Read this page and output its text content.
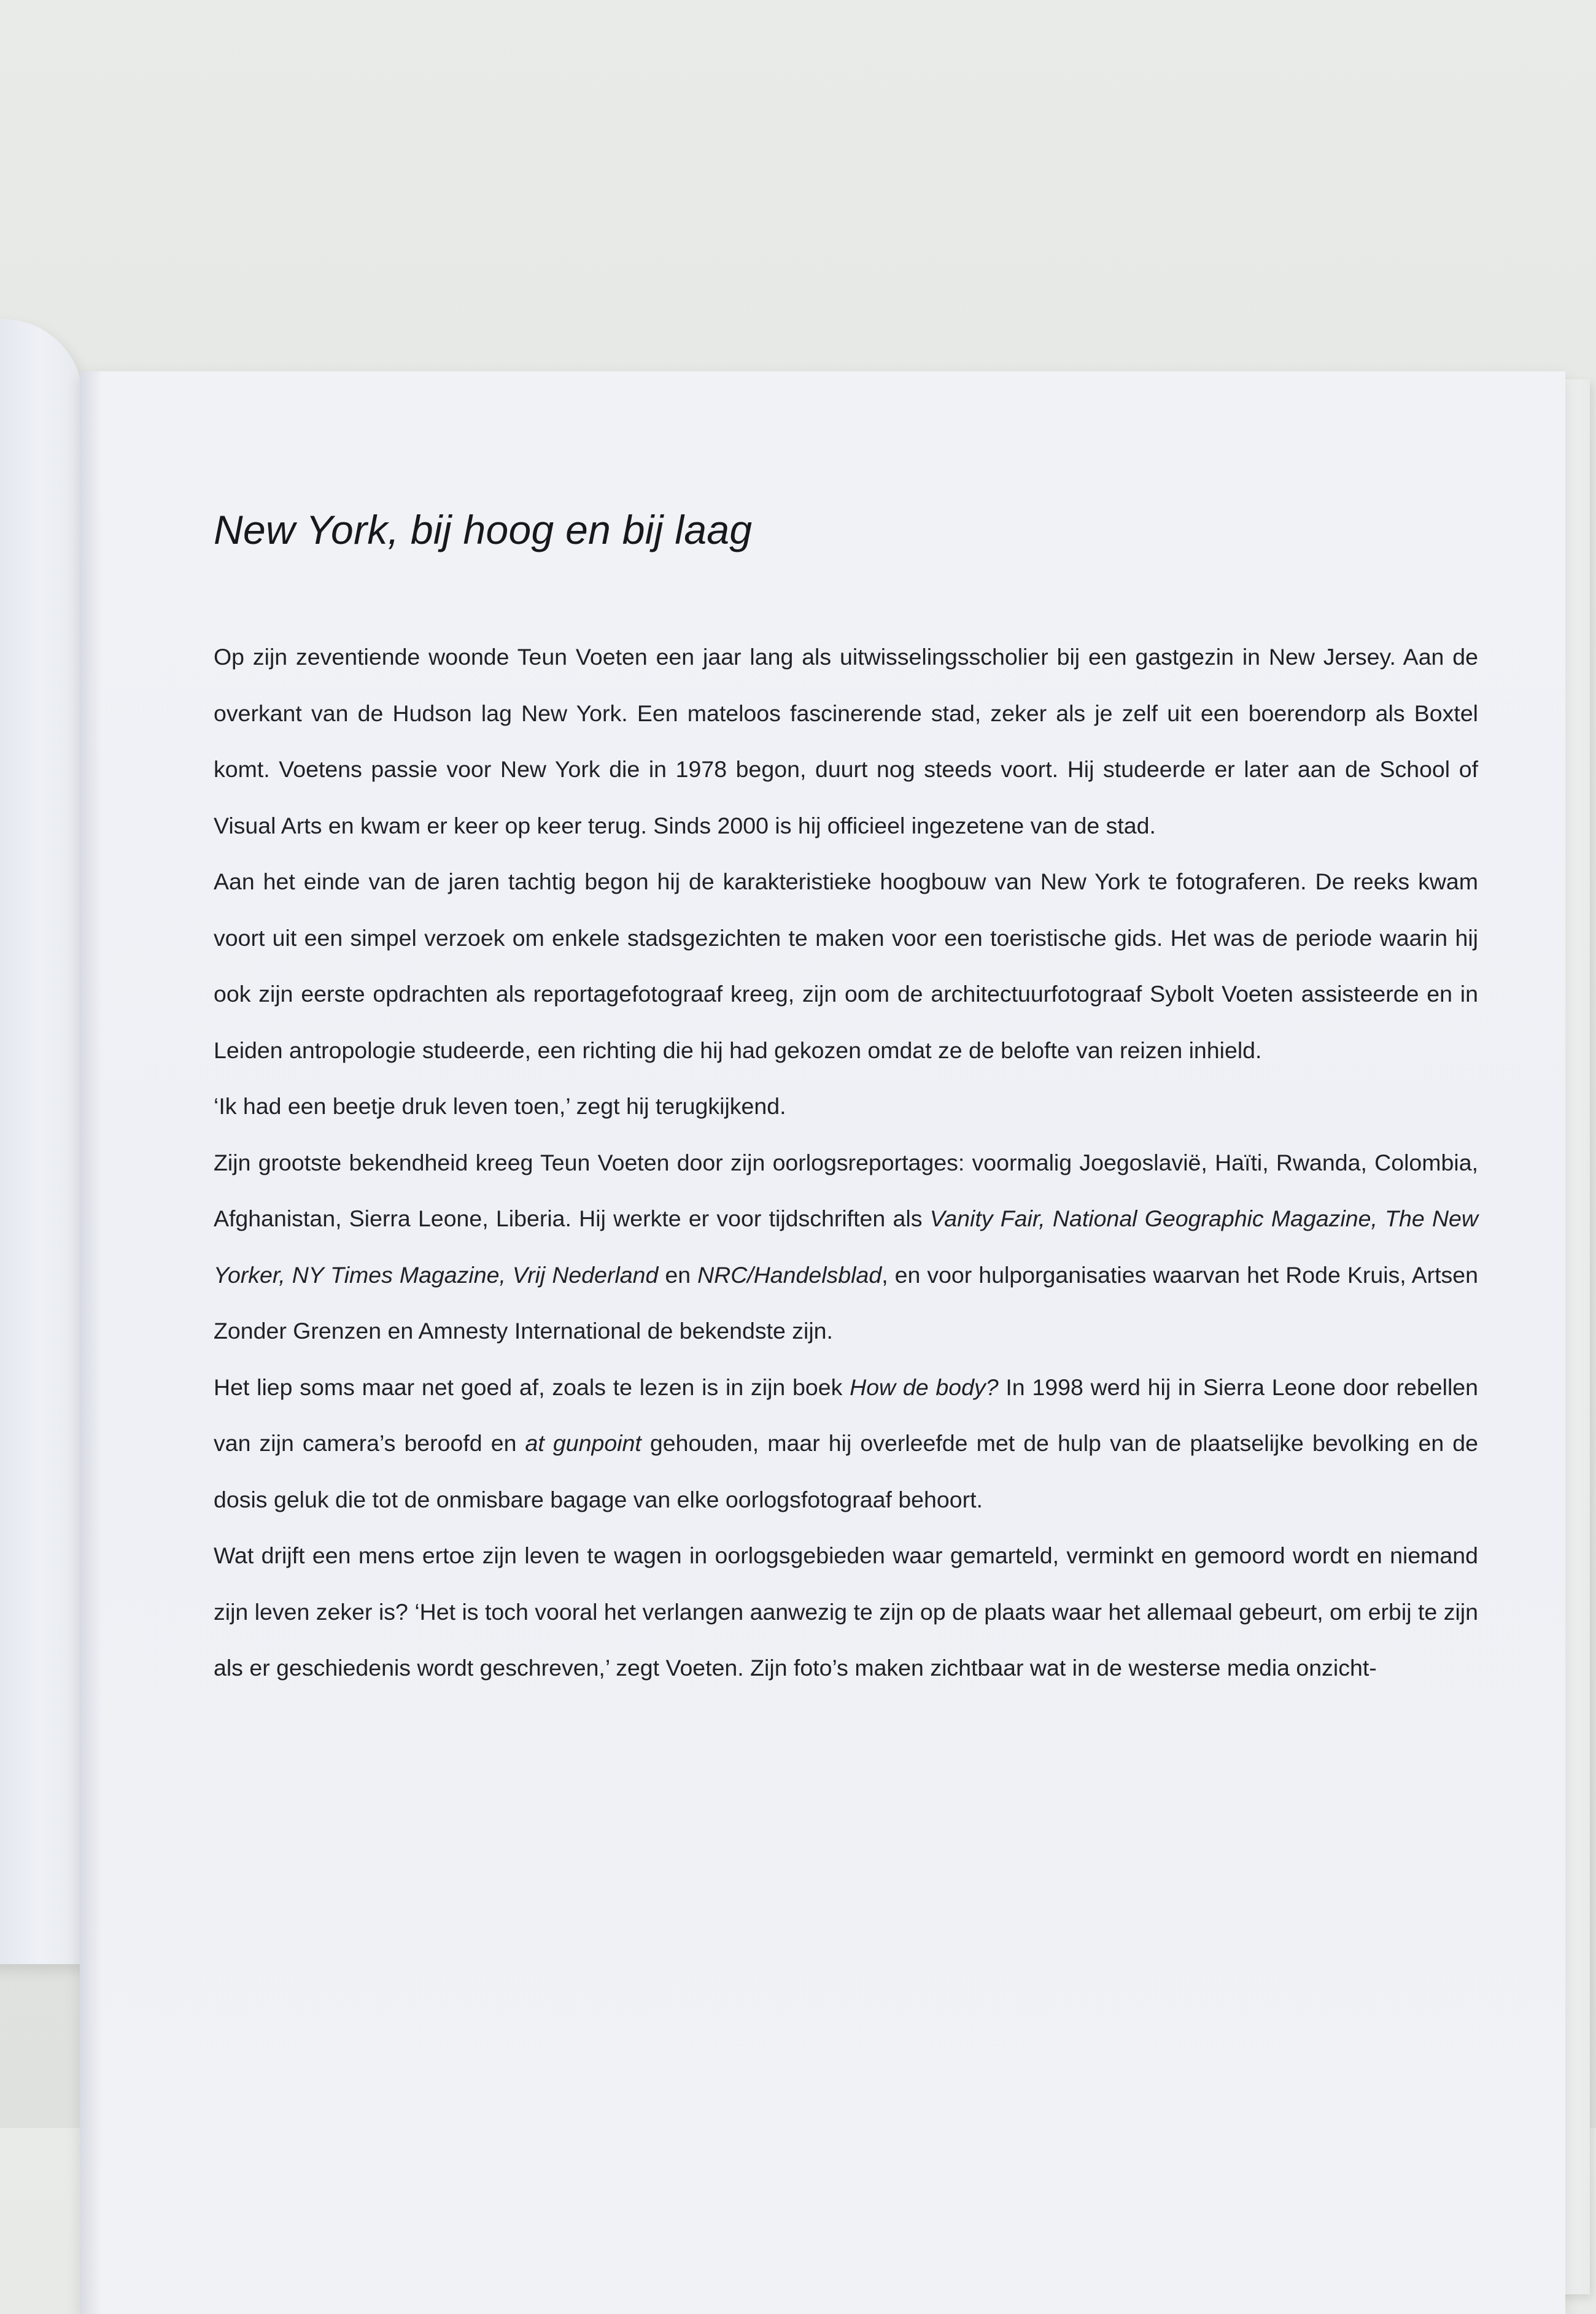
New York, bij hoog en bij laag

Op zijn zeventiende woonde Teun Voeten een jaar lang als uitwisselingsscholier bij een gastgezin in New Jersey. Aan de overkant van de Hudson lag New York. Een mateloos fascinerende stad, zeker als je zelf uit een boerendorp als Boxtel komt. Voetens passie voor New York die in 1978 begon, duurt nog steeds voort. Hij studeerde er later aan de School of Visual Arts en kwam er keer op keer terug. Sinds 2000 is hij officieel ingezetene van de stad.

Aan het einde van de jaren tachtig begon hij de karakteristieke hoogbouw van New York te fotograferen. De reeks kwam voort uit een simpel verzoek om enkele stadsgezichten te maken voor een toeristische gids. Het was de periode waarin hij ook zijn eerste opdrachten als reportagefotograaf kreeg, zijn oom de architectuurfotograaf Sybolt Voeten assisteerde en in Leiden antropologie studeerde, een richting die hij had gekozen omdat ze de belofte van reizen inhield.

‘Ik had een beetje druk leven toen,’ zegt hij terugkijkend.

Zijn grootste bekendheid kreeg Teun Voeten door zijn oorlogsreportages: voormalig Joegoslavië, Haïti, Rwanda, Colombia, Afghanistan, Sierra Leone, Liberia. Hij werkte er voor tijdschriften als Vanity Fair, National Geographic Magazine, The New Yorker, NY Times Magazine, Vrij Nederland en NRC/Handelsblad, en voor hulporganisaties waarvan het Rode Kruis, Artsen Zonder Grenzen en Amnesty International de bekendste zijn.

Het liep soms maar net goed af, zoals te lezen is in zijn boek How de body? In 1998 werd hij in Sierra Leone door rebellen van zijn camera’s beroofd en at gunpoint gehouden, maar hij overleefde met de hulp van de plaatselijke bevolking en de dosis geluk die tot de onmisbare bagage van elke oorlogsfotograaf behoort.

Wat drijft een mens ertoe zijn leven te wagen in oorlogsgebieden waar gemarteld, verminkt en gemoord wordt en niemand zijn leven zeker is? ‘Het is toch vooral het verlangen aanwezig te zijn op de plaats waar het allemaal gebeurt, om erbij te zijn als er geschiedenis wordt geschreven,’ zegt Voeten. Zijn foto’s maken zichtbaar wat in de westerse media onzicht-
